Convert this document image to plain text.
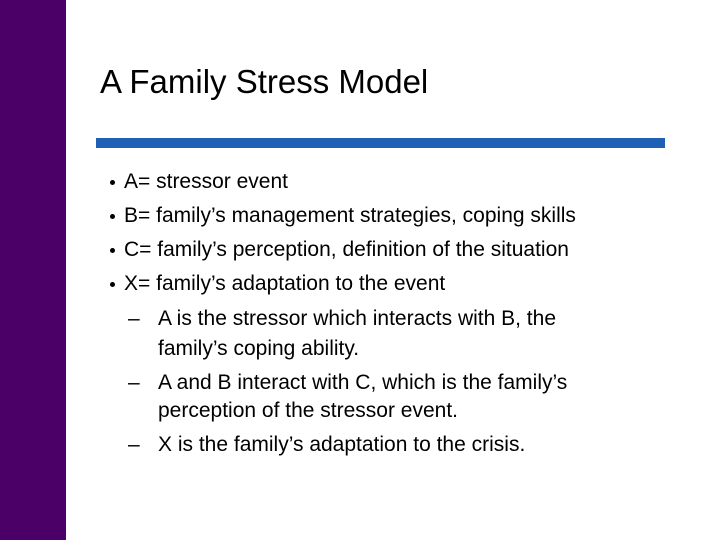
A Family Stress Model
A= stressor event
B= family’s management strategies, coping skills
C= family’s perception, definition of the situation
X= family’s adaptation to the event
– A is the stressor which interacts with B, the
family’s coping ability.
– A and B interact with C, which is the family’s
perception of the stressor event.
– X is the family’s adaptation to the crisis.
